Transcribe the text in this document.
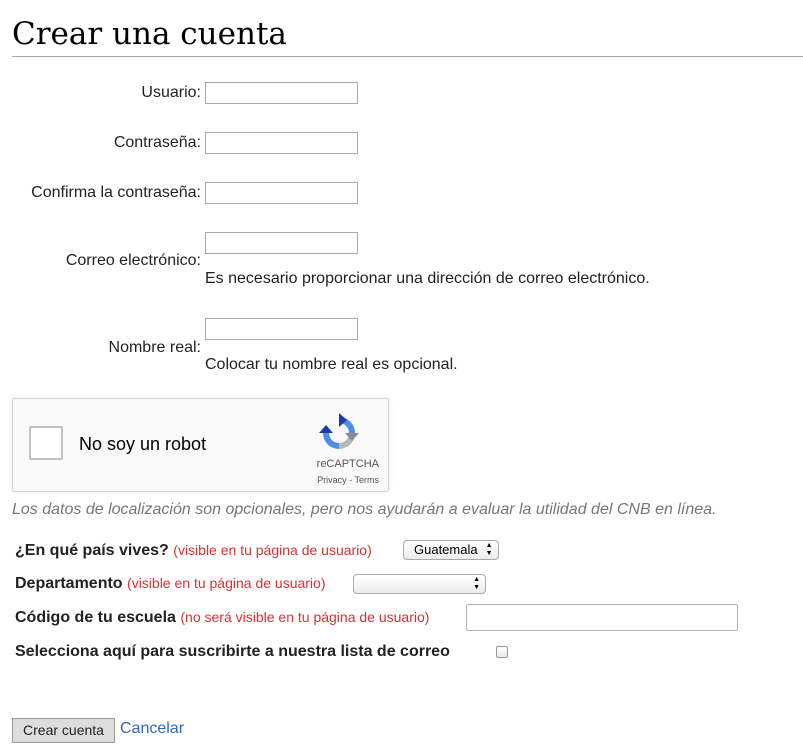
Crear una cuenta
Usuario:
Contraseña:
Confirma la contraseña:
Correo electrónico:
Es necesario proporcionar una dirección de correo electrónico.
Nombre real:
Colocar tu nombre real es opcional.
No soy un robot
reCAPTCHA
Privacy - Terms
Los datos de localización son opcionales, pero nos ayudarán a evaluar la utilidad del CNB en línea.
¿En qué país vives? (visible en tu página de usuario)	Guatemala ▲
▼
Departamento (visible en tu página de usuario)	▲
▼
Código de tu escuela (no será visible en tu página de usuario)
Selecciona aquí para suscribirte a nuestra lista de correo
Crear cuenta	Cancelar
